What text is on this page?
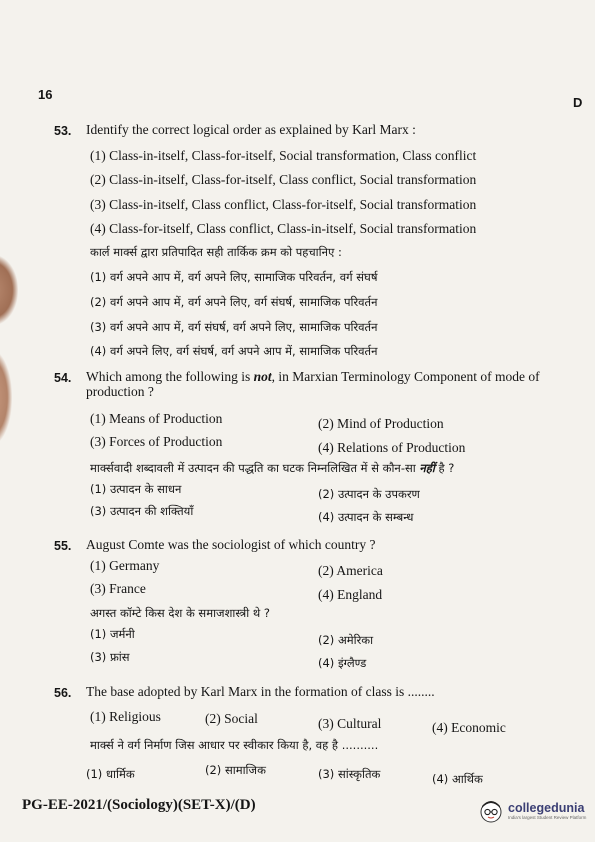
16
D
53. Identify the correct logical order as explained by Karl Marx :
(1) Class-in-itself, Class-for-itself, Social transformation, Class conflict
(2) Class-in-itself, Class-for-itself, Class conflict, Social transformation
(3) Class-in-itself, Class conflict, Class-for-itself, Social transformation
(4) Class-for-itself, Class conflict, Class-in-itself, Social transformation
कार्ल मार्क्स द्वारा प्रतिपादित सही तार्किक क्रम को पहचानिए :
(1) वर्ग अपने आप में, वर्ग अपने लिए, सामाजिक परिवर्तन, वर्ग संघर्ष
(2) वर्ग अपने आप में, वर्ग अपने लिए, वर्ग संघर्ष, सामाजिक परिवर्तन
(3) वर्ग अपने आप में, वर्ग संघर्ष, वर्ग अपने लिए, सामाजिक परिवर्तन
(4) वर्ग अपने लिए, वर्ग संघर्ष, वर्ग अपने आप में, सामाजिक परिवर्तन
54. Which among the following is not, in Marxian Terminology Component of mode of production ?
(1) Means of Production	(2) Mind of Production
(3) Forces of Production	(4) Relations of Production
मार्क्सवादी शब्दावली में उत्पादन की पद्धति का घटक निम्नलिखित में से कौन-सा नहीं है ?
(1) उत्पादन के साधन	(2) उत्पादन के उपकरण
(3) उत्पादन की शक्तियाँ	(4) उत्पादन के सम्बन्ध
55. August Comte was the sociologist of which country ?
(1) Germany	(2) America
(3) France	(4) England
अगस्त कॉम्टे किस देश के समाजशास्त्री थे ?
(1) जर्मनी	(2) अमेरिका
(3) फ्रांस	(4) इंग्लैण्ड
56. The base adopted by Karl Marx in the formation of class is ........
(1) Religious	(2) Social	(3) Cultural	(4) Economic
मार्क्स ने वर्ग निर्माण जिस आधार पर स्वीकार किया है, वह है ..........
(1) धार्मिक	(2) सामाजिक	(3) सांस्कृतिक	(4) आर्थिक
PG-EE-2021/(Sociology)(SET-X)/(D)	collegedunia
India's largest Student Review Platform
